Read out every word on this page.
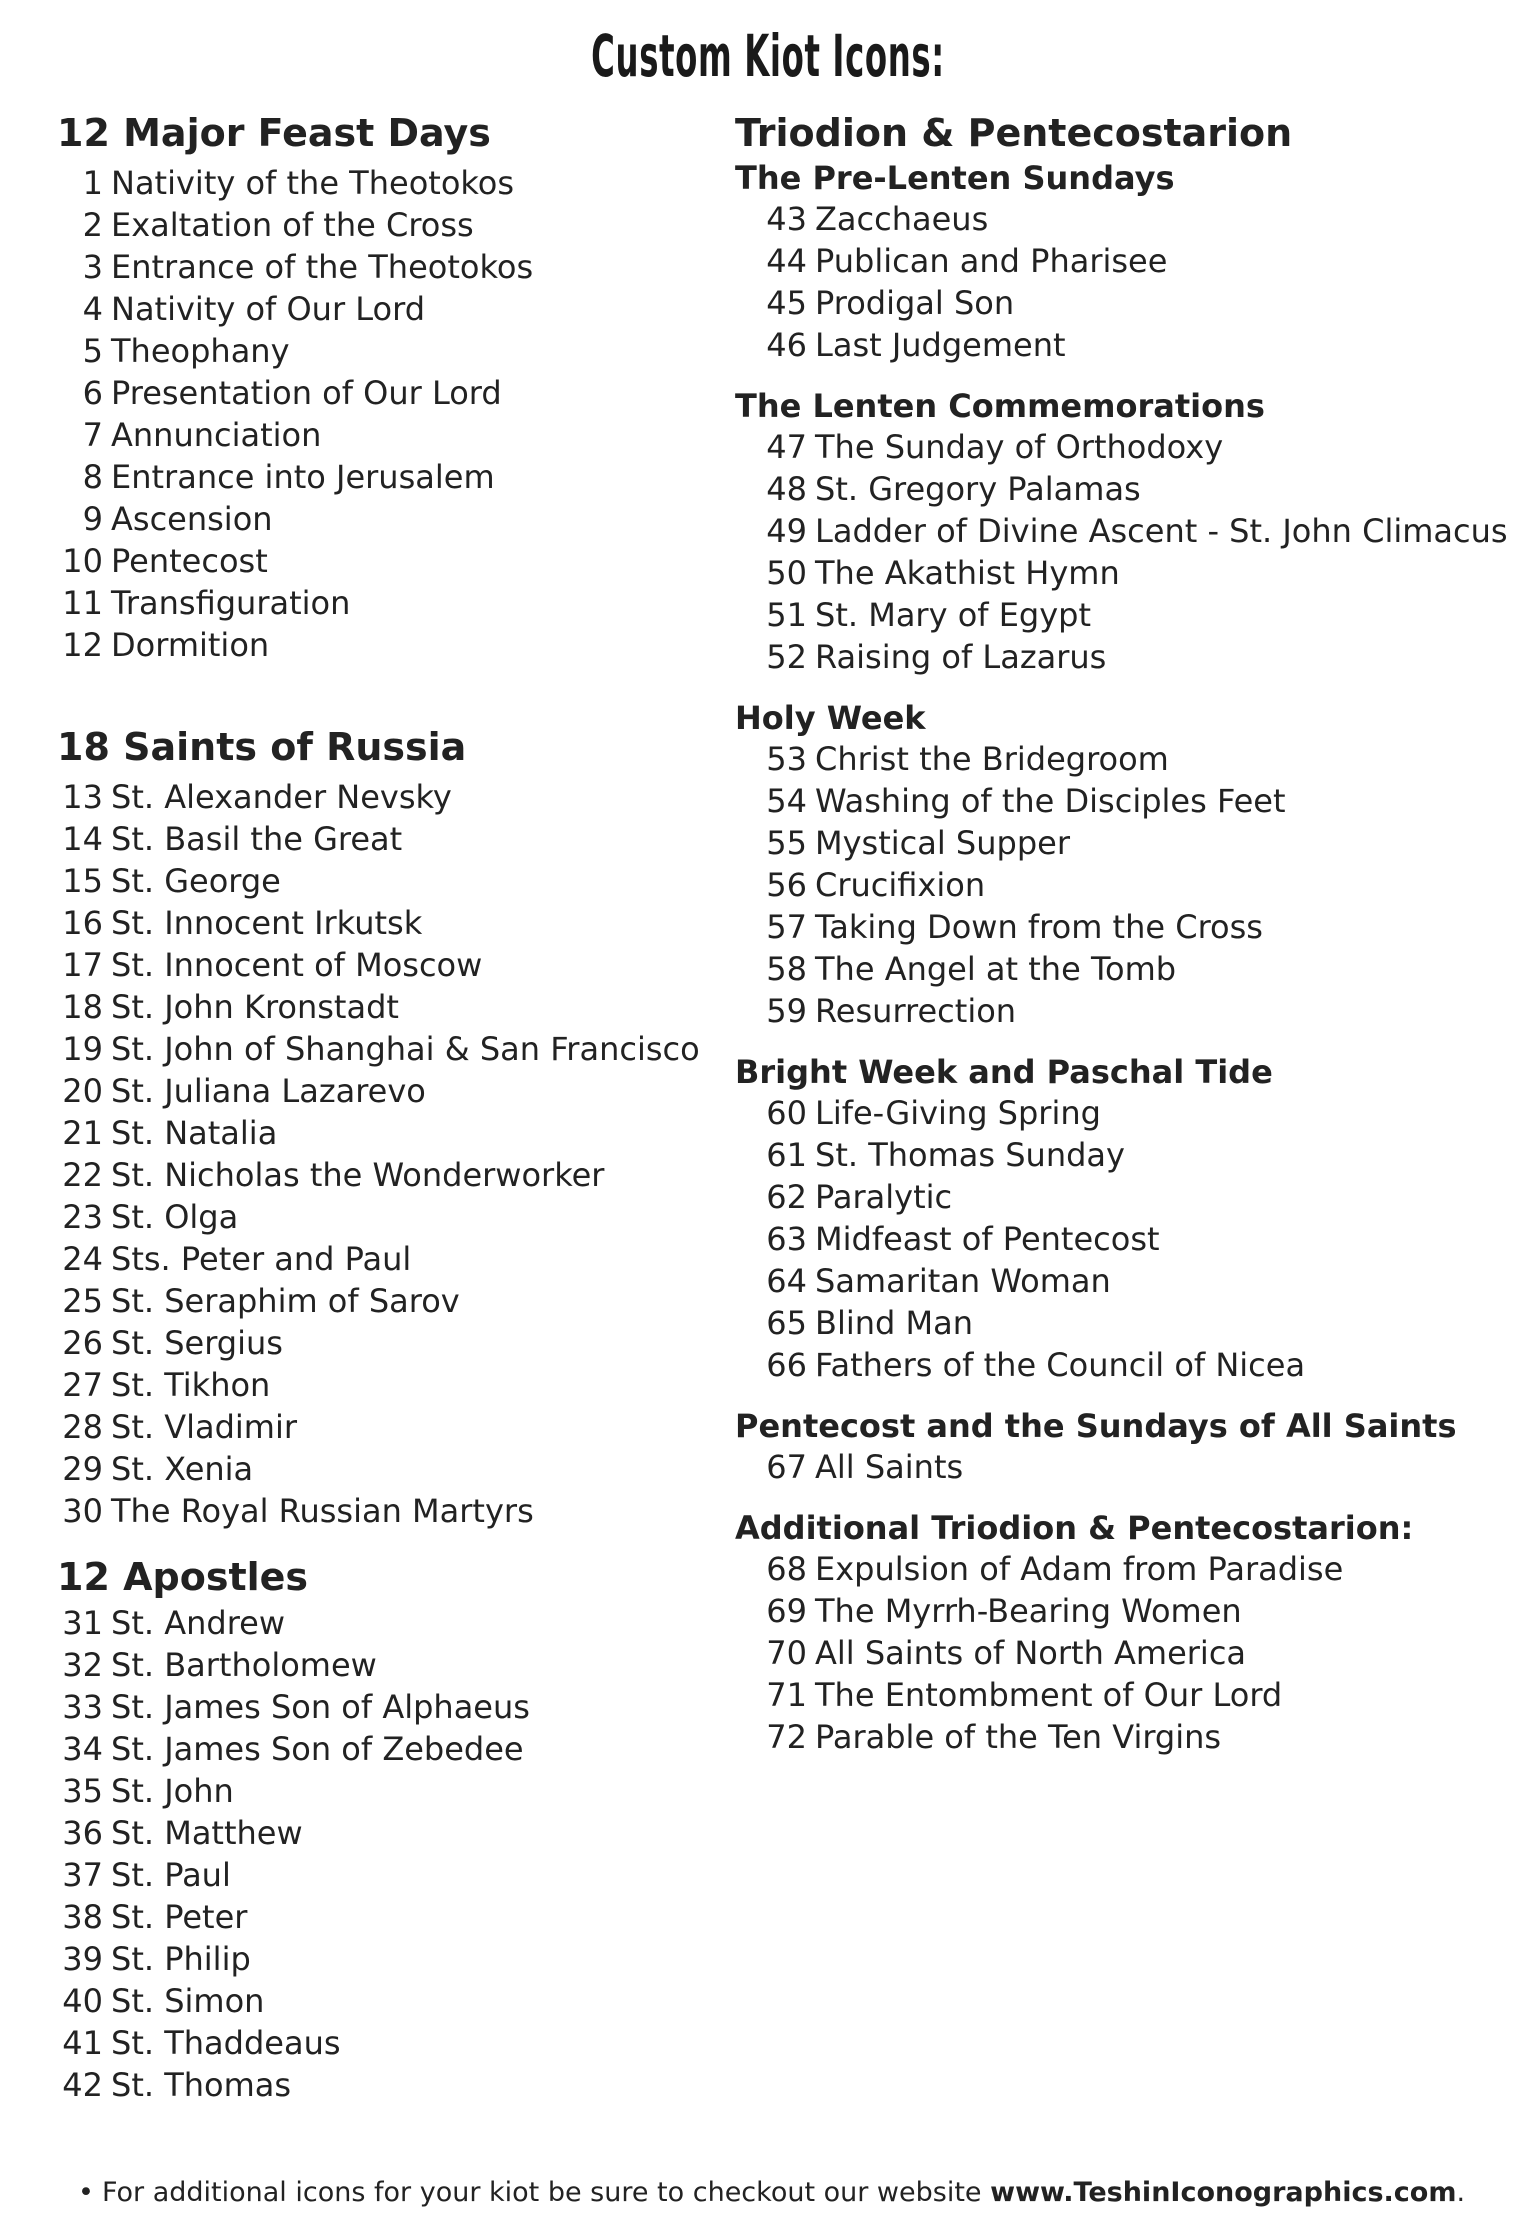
Custom Kiot Icons:
12 Major Feast Days
1 Nativity of the Theotokos
2 Exaltation of the Cross
3 Entrance of the Theotokos
4 Nativity of Our Lord
5 Theophany
6 Presentation of Our Lord
7 Annunciation
8 Entrance into Jerusalem
9 Ascension
10 Pentecost
11 Transfiguration
12 Dormition
18 Saints of Russia
13 St. Alexander Nevsky
14 St. Basil the Great
15 St. George
16 St. Innocent Irkutsk
17 St. Innocent of Moscow
18 St. John Kronstadt
19 St. John of Shanghai & San Francisco
20 St. Juliana Lazarevo
21 St. Natalia
22 St. Nicholas the Wonderworker
23 St. Olga
24 Sts. Peter and Paul
25 St. Seraphim of Sarov
26 St. Sergius
27 St. Tikhon
28 St. Vladimir
29 St. Xenia
30 The Royal Russian Martyrs
12 Apostles
31 St. Andrew
32 St. Bartholomew
33 St. James Son of Alphaeus
34 St. James Son of Zebedee
35 St. John
36 St. Matthew
37 St. Paul
38 St. Peter
39 St. Philip
40 St. Simon
41 St. Thaddeaus
42 St. Thomas
Triodion & Pentecostarion
The Pre-Lenten Sundays
43 Zacchaeus
44 Publican and Pharisee
45 Prodigal Son
46 Last Judgement
The Lenten Commemorations
47 The Sunday of Orthodoxy
48 St. Gregory Palamas
49 Ladder of Divine Ascent - St. John Climacus
50 The Akathist Hymn
51 St. Mary of Egypt
52 Raising of Lazarus
Holy Week
53 Christ the Bridegroom
54 Washing of the Disciples Feet
55 Mystical Supper
56 Crucifixion
57 Taking Down from the Cross
58 The Angel at the Tomb
59 Resurrection
Bright Week and Paschal Tide
60 Life-Giving Spring
61 St. Thomas Sunday
62 Paralytic
63 Midfeast of Pentecost
64 Samaritan Woman
65 Blind Man
66 Fathers of the Council of Nicea
Pentecost and the Sundays of All Saints
67 All Saints
Additional Triodion & Pentecostarion:
68 Expulsion of Adam from Paradise
69 The Myrrh-Bearing Women
70 All Saints of North America
71 The Entombment of Our Lord
72 Parable of the Ten Virgins
• For additional icons for your kiot be sure to checkout our website www.TeshinIconographics.com.
